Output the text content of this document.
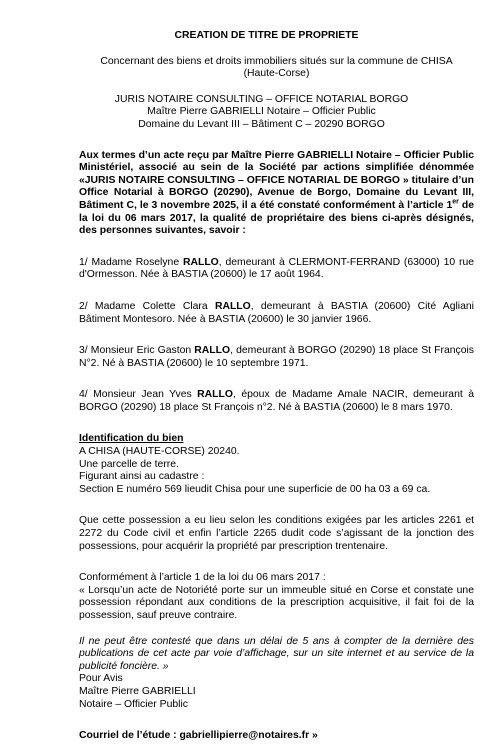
CREATION DE TITRE DE PROPRIETE

Concernant des biens et droits immobiliers situés sur la commune de CHISA

(Haute-Corse)

JURIS NOTAIRE CONSULTING – OFFICE NOTARIAL BORGO

Maître Pierre GABRIELLI Notaire – Officier Public

Domaine du Levant III – Bâtiment C – 20290 BORGO

Aux termes d’un acte reçu par Maître Pierre GABRIELLI Notaire – Officier Public Ministériel, associé au sein de la Société par actions simplifiée dénommée «JURIS NOTAIRE CONSULTING – OFFICE NOTARIAL DE BORGO » titulaire d’un Office Notarial à BORGO (20290), Avenue de Borgo, Domaine du Levant III, Bâtiment C, le 3 novembre 2025, il a été constaté conformément à l’article 1er de la loi du 06 mars 2017, la qualité de propriétaire des biens ci-après désignés, des personnes suivantes, savoir :

1/ Madame Roselyne RALLO, demeurant à CLERMONT-FERRAND (63000) 10 rue d'Ormesson. Née à BASTIA (20600) le 17 août 1964.

2/ Madame Colette Clara RALLO, demeurant à BASTIA (20600) Cité Agliani Bâtiment Montesoro. Née à BASTIA (20600) le 30 janvier 1966.

3/ Monsieur Eric Gaston RALLO, demeurant à BORGO (20290) 18 place St François N°2. Né à BASTIA (20600) le 10 septembre 1971.

4/ Monsieur Jean Yves RALLO, époux de Madame Amale NACIR, demeurant à BORGO (20290) 18 place St François n°2. Né à BASTIA (20600) le 8 mars 1970.

Identification du bien

A CHISA (HAUTE-CORSE) 20240.

Une parcelle de terre.

Figurant ainsi au cadastre :

Section E numéro 569 lieudit Chisa pour une superficie de 00 ha 03 a 69 ca.

Que cette possession a eu lieu selon les conditions exigées par les articles 2261 et 2272 du Code civil et enfin l’article 2265 dudit code s’agissant de la jonction des possessions, pour acquérir la propriété par prescription trentenaire.

Conformément à l’article 1 de la loi du 06 mars 2017 :

« Lorsqu’un acte de Notoriété porte sur un immeuble situé en Corse et constate une possession répondant aux conditions de la prescription acquisitive, il fait foi de la possession, sauf preuve contraire.

Il ne peut être contesté que dans un délai de 5 ans à compter de la dernière des publications de cet acte par voie d’affichage, sur un site internet et au service de la publicité foncière. »

Pour Avis

Maître Pierre GABRIELLI

Notaire – Officier Public

Courriel de l’étude : gabriellipierre@notaires.fr »
